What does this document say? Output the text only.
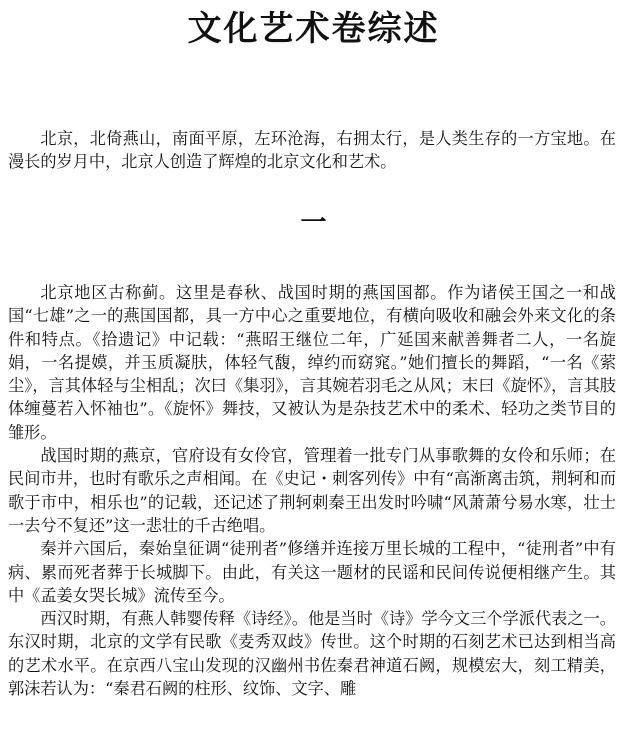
文化艺术卷综述

北京，北倚燕山，南面平原，左环沧海，右拥太行，是人类生存的一方宝地。在漫长的岁月中，北京人创造了辉煌的北京文化和艺术。

一

北京地区古称蓟。这里是春秋、战国时期的燕国国都。作为诸侯王国之一和战国“七雄”之一的燕国国都，具一方中心之重要地位，有横向吸收和融会外来文化的条件和特点。《拾遗记》中记载：“燕昭王继位二年，广延国来献善舞者二人，一名旋娟，一名提嫫，并玉质凝肤，体轻气馥，绰约而窈窕。”她们擅长的舞蹈，“一名《萦尘》，言其体轻与尘相乱；次曰《集羽》，言其婉若羽毛之从风；末曰《旋怀》，言其肢体缠蔓若入怀袖也”。《旋怀》舞技，又被认为是杂技艺术中的柔术、轻功之类节目的雏形。

战国时期的燕京，官府设有女伶官，管理着一批专门从事歌舞的女伶和乐师；在民间市井，也时有歌乐之声相闻。在《史记・刺客列传》中有“高渐离击筑，荆轲和而歌于市中，相乐也”的记载，还记述了荆轲刺秦王出发时吟啸“风萧萧兮易水寒，壮士一去兮不复还”这一悲壮的千古绝唱。

秦并六国后，秦始皇征调“徒刑者”修缮并连接万里长城的工程中，“徒刑者”中有病、累而死者葬于长城脚下。由此，有关这一题材的民谣和民间传说便相继产生。其中《孟姜女哭长城》流传至今。

西汉时期，有燕人韩婴传释《诗经》。他是当时《诗》学今文三个学派代表之一。东汉时期，北京的文学有民歌《麦秀双歧》传世。这个时期的石刻艺术已达到相当高的艺术水平。在京西八宝山发现的汉幽州书佐秦君神道石阙，规模宏大，刻工精美，郭沫若认为：“秦君石阙的柱形、纹饰、文字、雕
